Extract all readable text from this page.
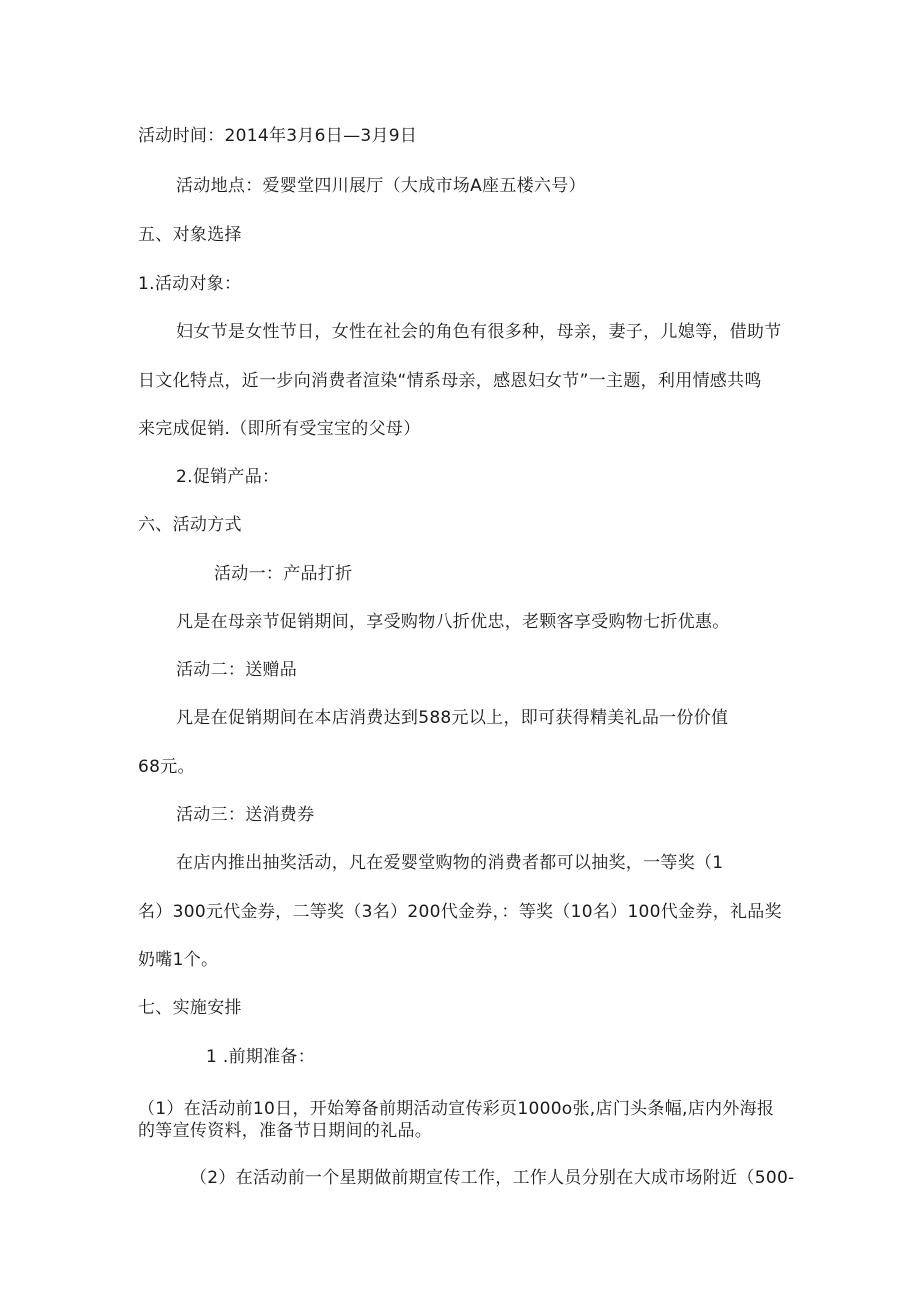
活动时间：2014年3月6日—3月9日
活动地点：爱婴堂四川展厅（大成市场A座五楼六号）
五、对象选择
1.活动对象：
妇女节是女性节日，女性在社会的角色有很多种，母亲，妻子，儿媳等，借助节
日文化特点，近一步向消费者渲染“情系母亲，感恩妇女节”一主题，利用情感共鸣
来完成促销.（即所有受宝宝的父母）
2.促销产品：
六、活动方式
活动一：产品打折
凡是在母亲节促销期间，享受购物八折优忠，老颗客享受购物七折优惠。
活动二：送赠品
凡是在促销期间在本店消费达到588元以上，即可获得精美礼品一份价值
68元。
活动三：送消费券
在店内推出抽奖活动，凡在爱婴堂购物的消费者都可以抽奖，一等奖（1
名）300元代金券，二等奖（3名）200代金券，：等奖（10名）100代金券，礼品奖
奶嘴1个。
七、实施安排
1 .前期准备：
（1）在活动前10日，开始筹备前期活动宣传彩页1000o张,店门头条幅,店内外海报的等宣传资料，准备节日期间的礼品。
（2）在活动前一个星期做前期宣传工作，工作人员分别在大成市场附近（500-
